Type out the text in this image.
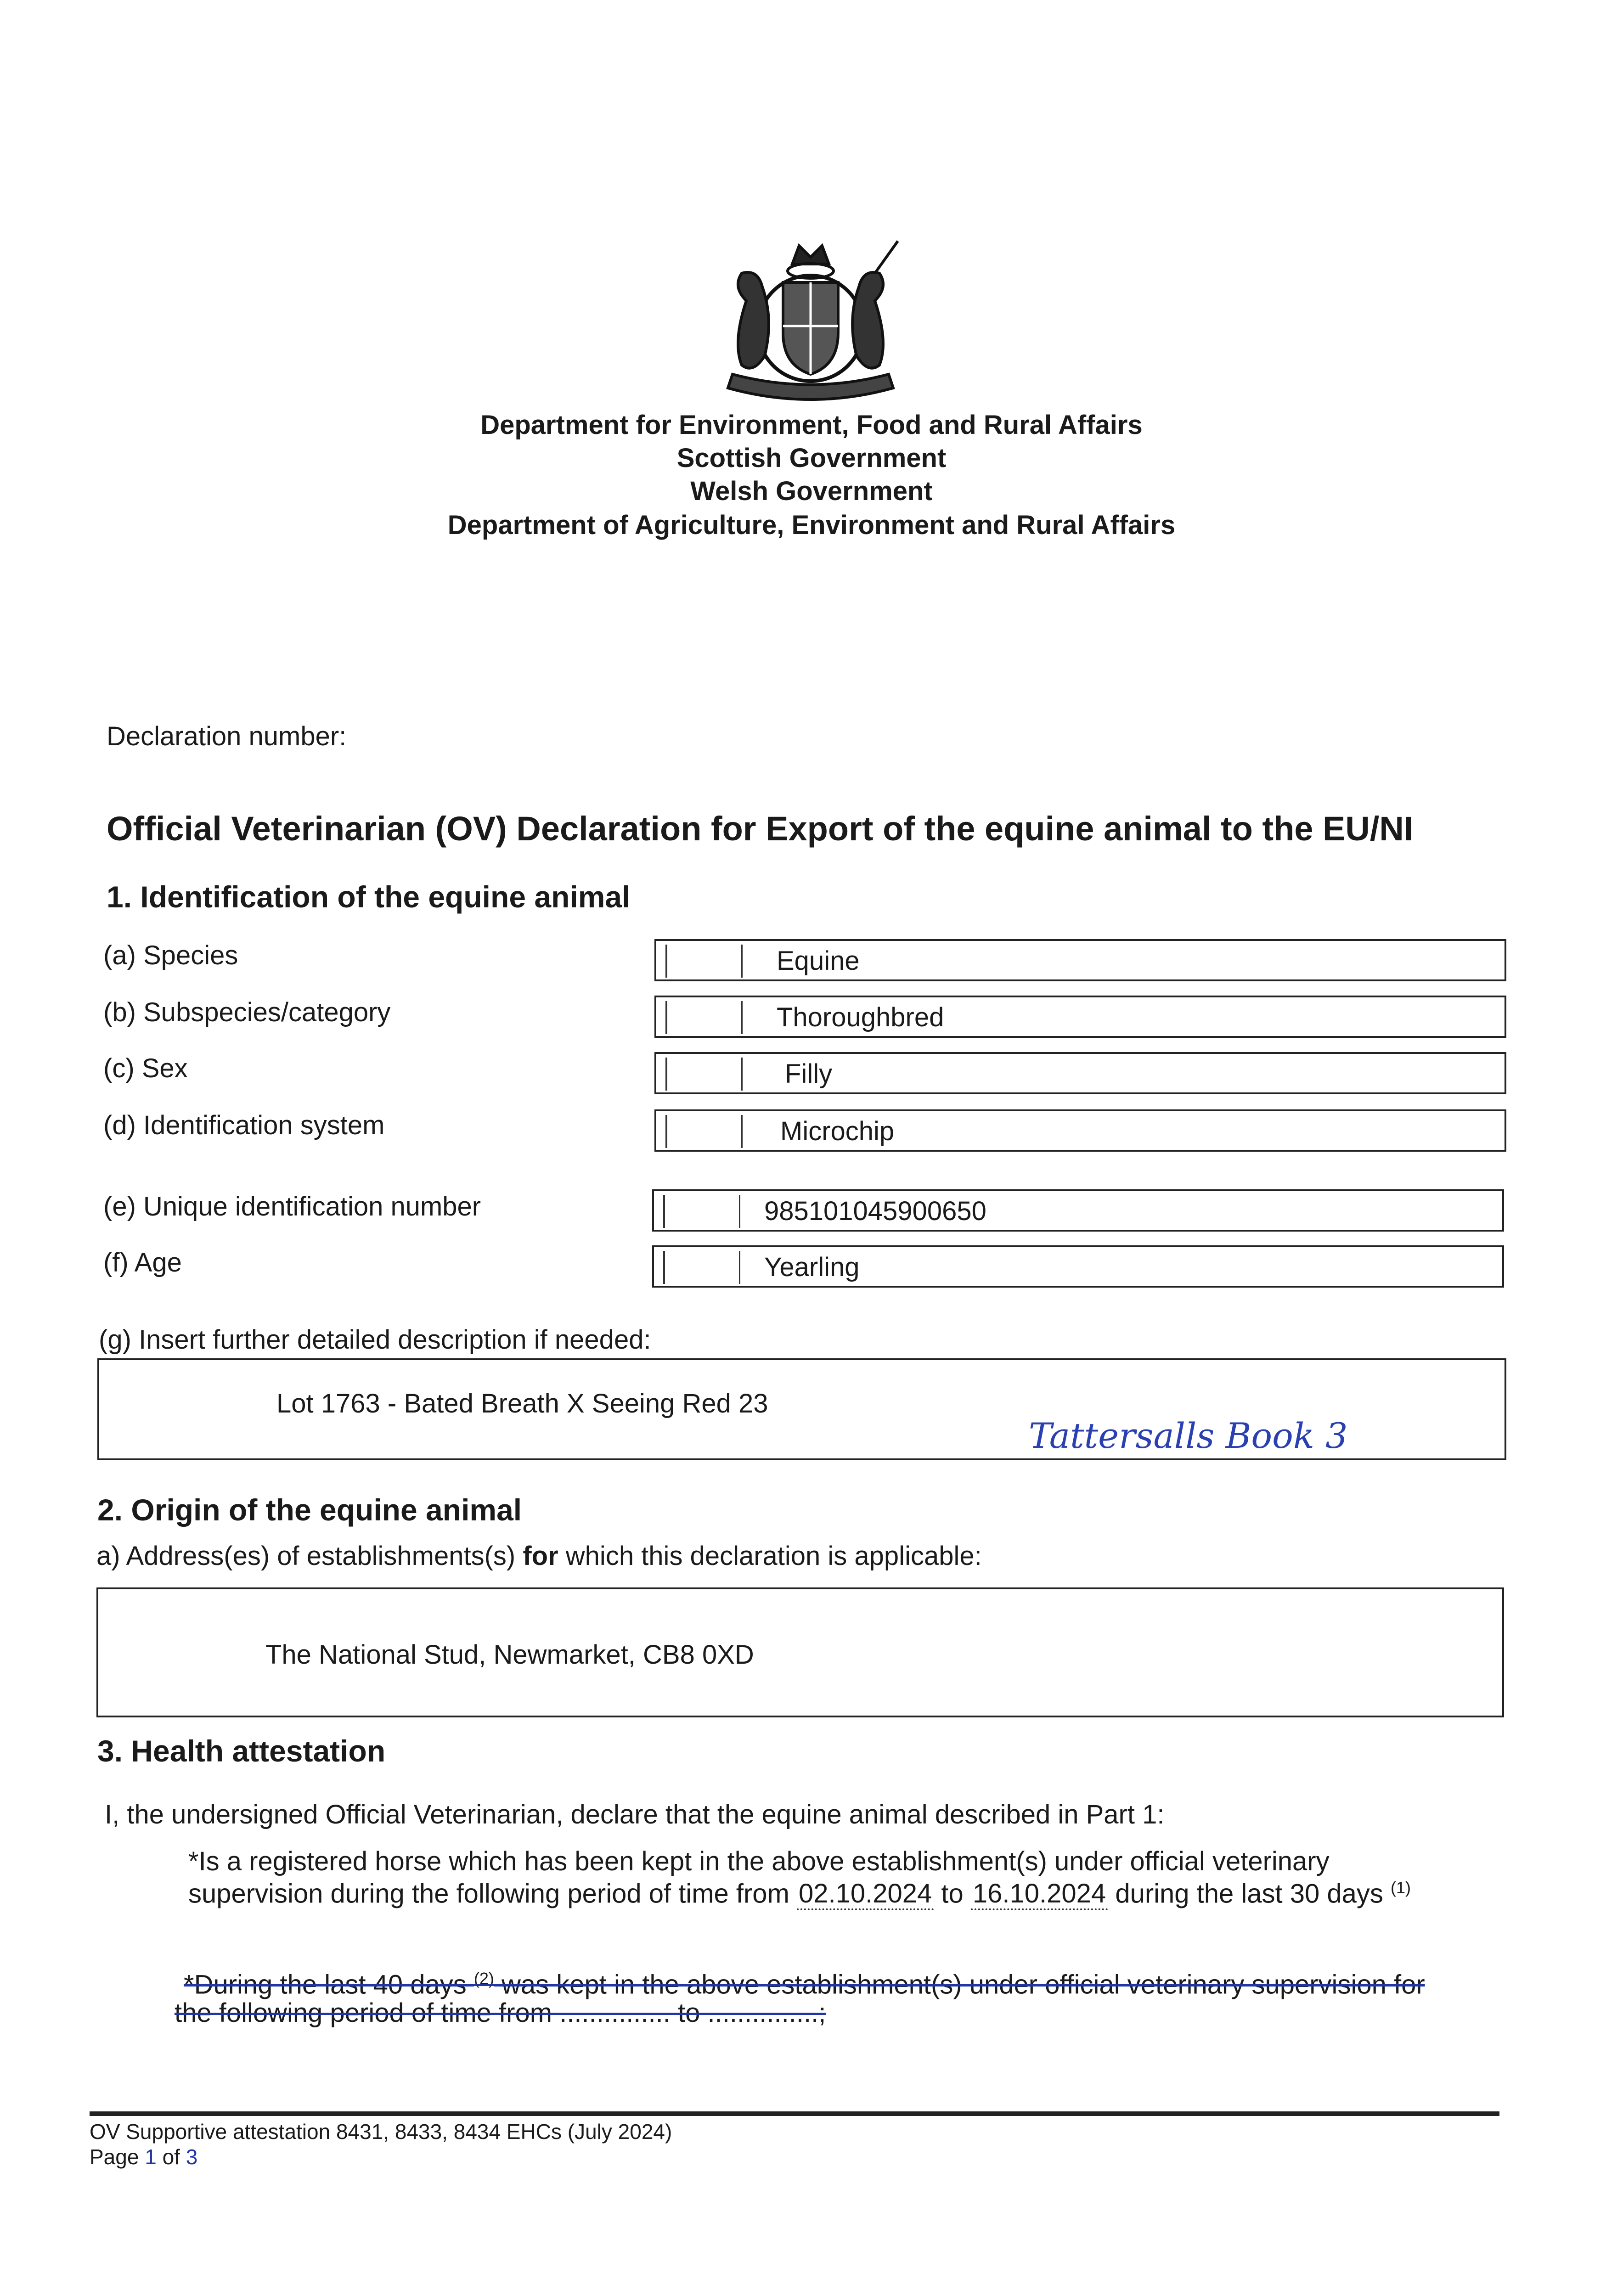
Department for Environment, Food and Rural Affairs
Scottish Government
Welsh Government
Department of Agriculture, Environment and Rural Affairs
Declaration number:
Official Veterinarian (OV) Declaration for Export of the equine animal to the EU/NI
1. Identification of the equine animal
(a) Species	Equine
(b) Subspecies/category	Thoroughbred
(c) Sex	Filly
(d) Identification system	Microchip
(e) Unique identification number	985101045900650
(f) Age	Yearling
(g) Insert further detailed description if needed:
Lot 1763 - Bated Breath X Seeing Red 23
Tattersalls Book 3
2. Origin of the equine animal
a) Address(es) of establishments(s) for which this declaration is applicable:
The National Stud, Newmarket, CB8 0XD
3. Health attestation
I, the undersigned Official Veterinarian, declare that the equine animal described in Part 1:
*Is a registered horse which has been kept in the above establishment(s) under official veterinary
supervision during the following period of time from 02.10.2024 to 16.10.2024 during the last 30 days $^{(1)}$
*During the last 40 days $^{(2)}$ was kept in the above establishment(s) under official veterinary supervision for
the following period of time from ............... to ...............;
OV Supportive attestation 8431, 8433, 8434 EHCs (July 2024)
Page 1 of 3
